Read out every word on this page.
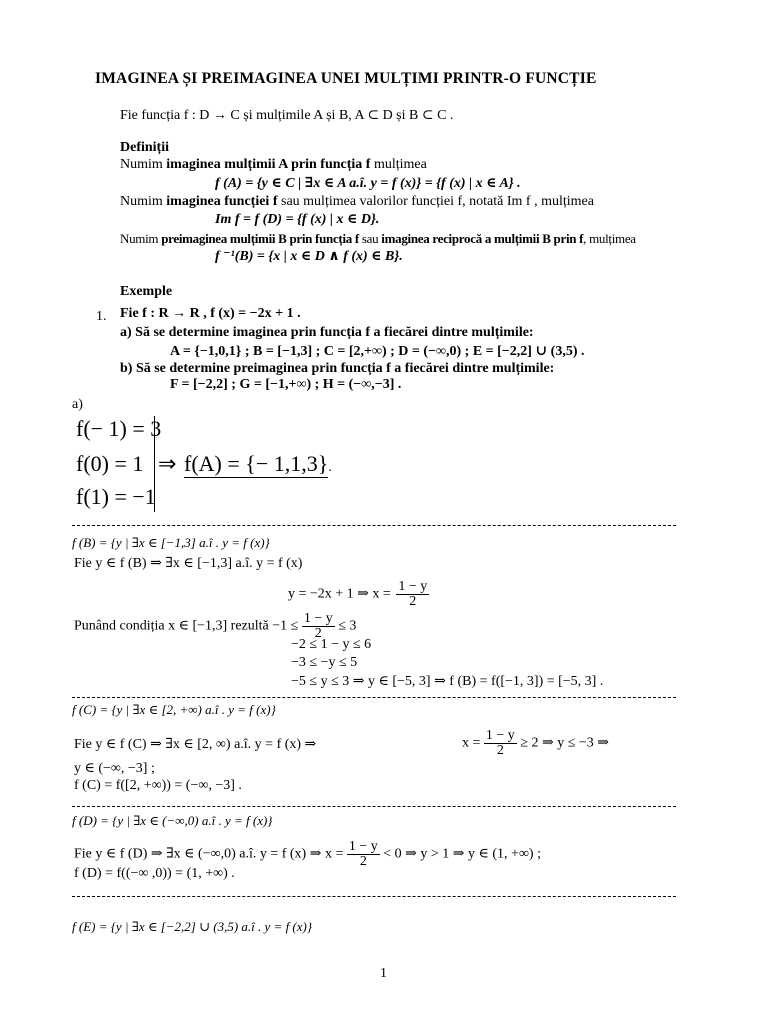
IMAGINEA ȘI PREIMAGINEA UNEI MULȚIMI PRINTR-O FUNCȚIE
Fie funcția f : D → C și mulțimile A și B, A ⊂ D și B ⊂ C .
Definiții
Numim imaginea mulțimii A prin funcția f mulțimea
f (A) = {y ∈ C | ∃x ∈ A a.î. y = f (x)} = {f (x) | x ∈ A} .
Numim imaginea funcției f sau mulțimea valorilor funcției f, notată Im f , mulțimea
Im f = f (D) = {f (x) | x ∈ D}.
Numim preimaginea mulțimii B prin funcția f sau imaginea reciprocă a mulțimii B prin f, mulțimea
f ⁻¹(B) = {x | x ∈ D ∧ f (x) ∈ B}.
Exemple
1. Fie f : R → R , f (x) = −2x + 1 .
a) Să se determine imaginea prin funcția f a fiecărei dintre mulțimile:
A = {−1,0,1} ; B = [−1,3] ; C = [2,+∞) ; D = (−∞,0) ; E = [−2,2] ∪ (3,5) .
b) Să se determine preimaginea prin funcția f a fiecărei dintre mulțimile:
F = [−2,2] ; G = [−1,+∞) ; H = (−∞,−3] .
a)
f(− 1) = 3
f(0) = 1
f(1) = −1
⇒ f(A) = {− 1,1,3}.
f (B) = {y | ∃x ∈ [−1,3] a.î . y = f (x)}
Fie y ∈ f (B) ⇒ ∃x ∈ [−1,3] a.î. y = f (x)
y = −2x + 1 ⇒ $x = \frac{1 - y}{2}$
Punând condiția x ∈ [−1,3] rezultă $-1 \le \frac{1 - y}{2} \le 3$
−2 ≤ 1 − y ≤ 6
−3 ≤ −y ≤ 5
−5 ≤ y ≤ 3 ⇒ y ∈ [−5, 3] ⇒ f (B) = f([−1, 3]) = [−5, 3] .
f (C) = {y | ∃x ∈ [2, +∞) a.î . y = f (x)}
Fie y ∈ f (C) ⇒ ∃x ∈ [2, ∞) a.î. y = f (x) ⇒	$x = \frac{1 - y}{2} \ge 2$ ⇒ y ≤ −3 ⇒
y ∈ (−∞, −3] ;
f (C) = f([2, +∞)) = (−∞, −3] .
f (D) = {y | ∃x ∈ (−∞,0) a.î . y = f (x)}
Fie y ∈ f (D) ⇒ ∃x ∈ (−∞,0) a.î. y = f (x) ⇒ $x = \frac{1 - y}{2} < 0$ ⇒ y > 1 ⇒ y ∈ (1, +∞) ;
f (D) = f((−∞ ,0)) = (1, +∞) .
f (E) = {y | ∃x ∈ [−2,2] ∪ (3,5) a.î . y = f (x)}
1
